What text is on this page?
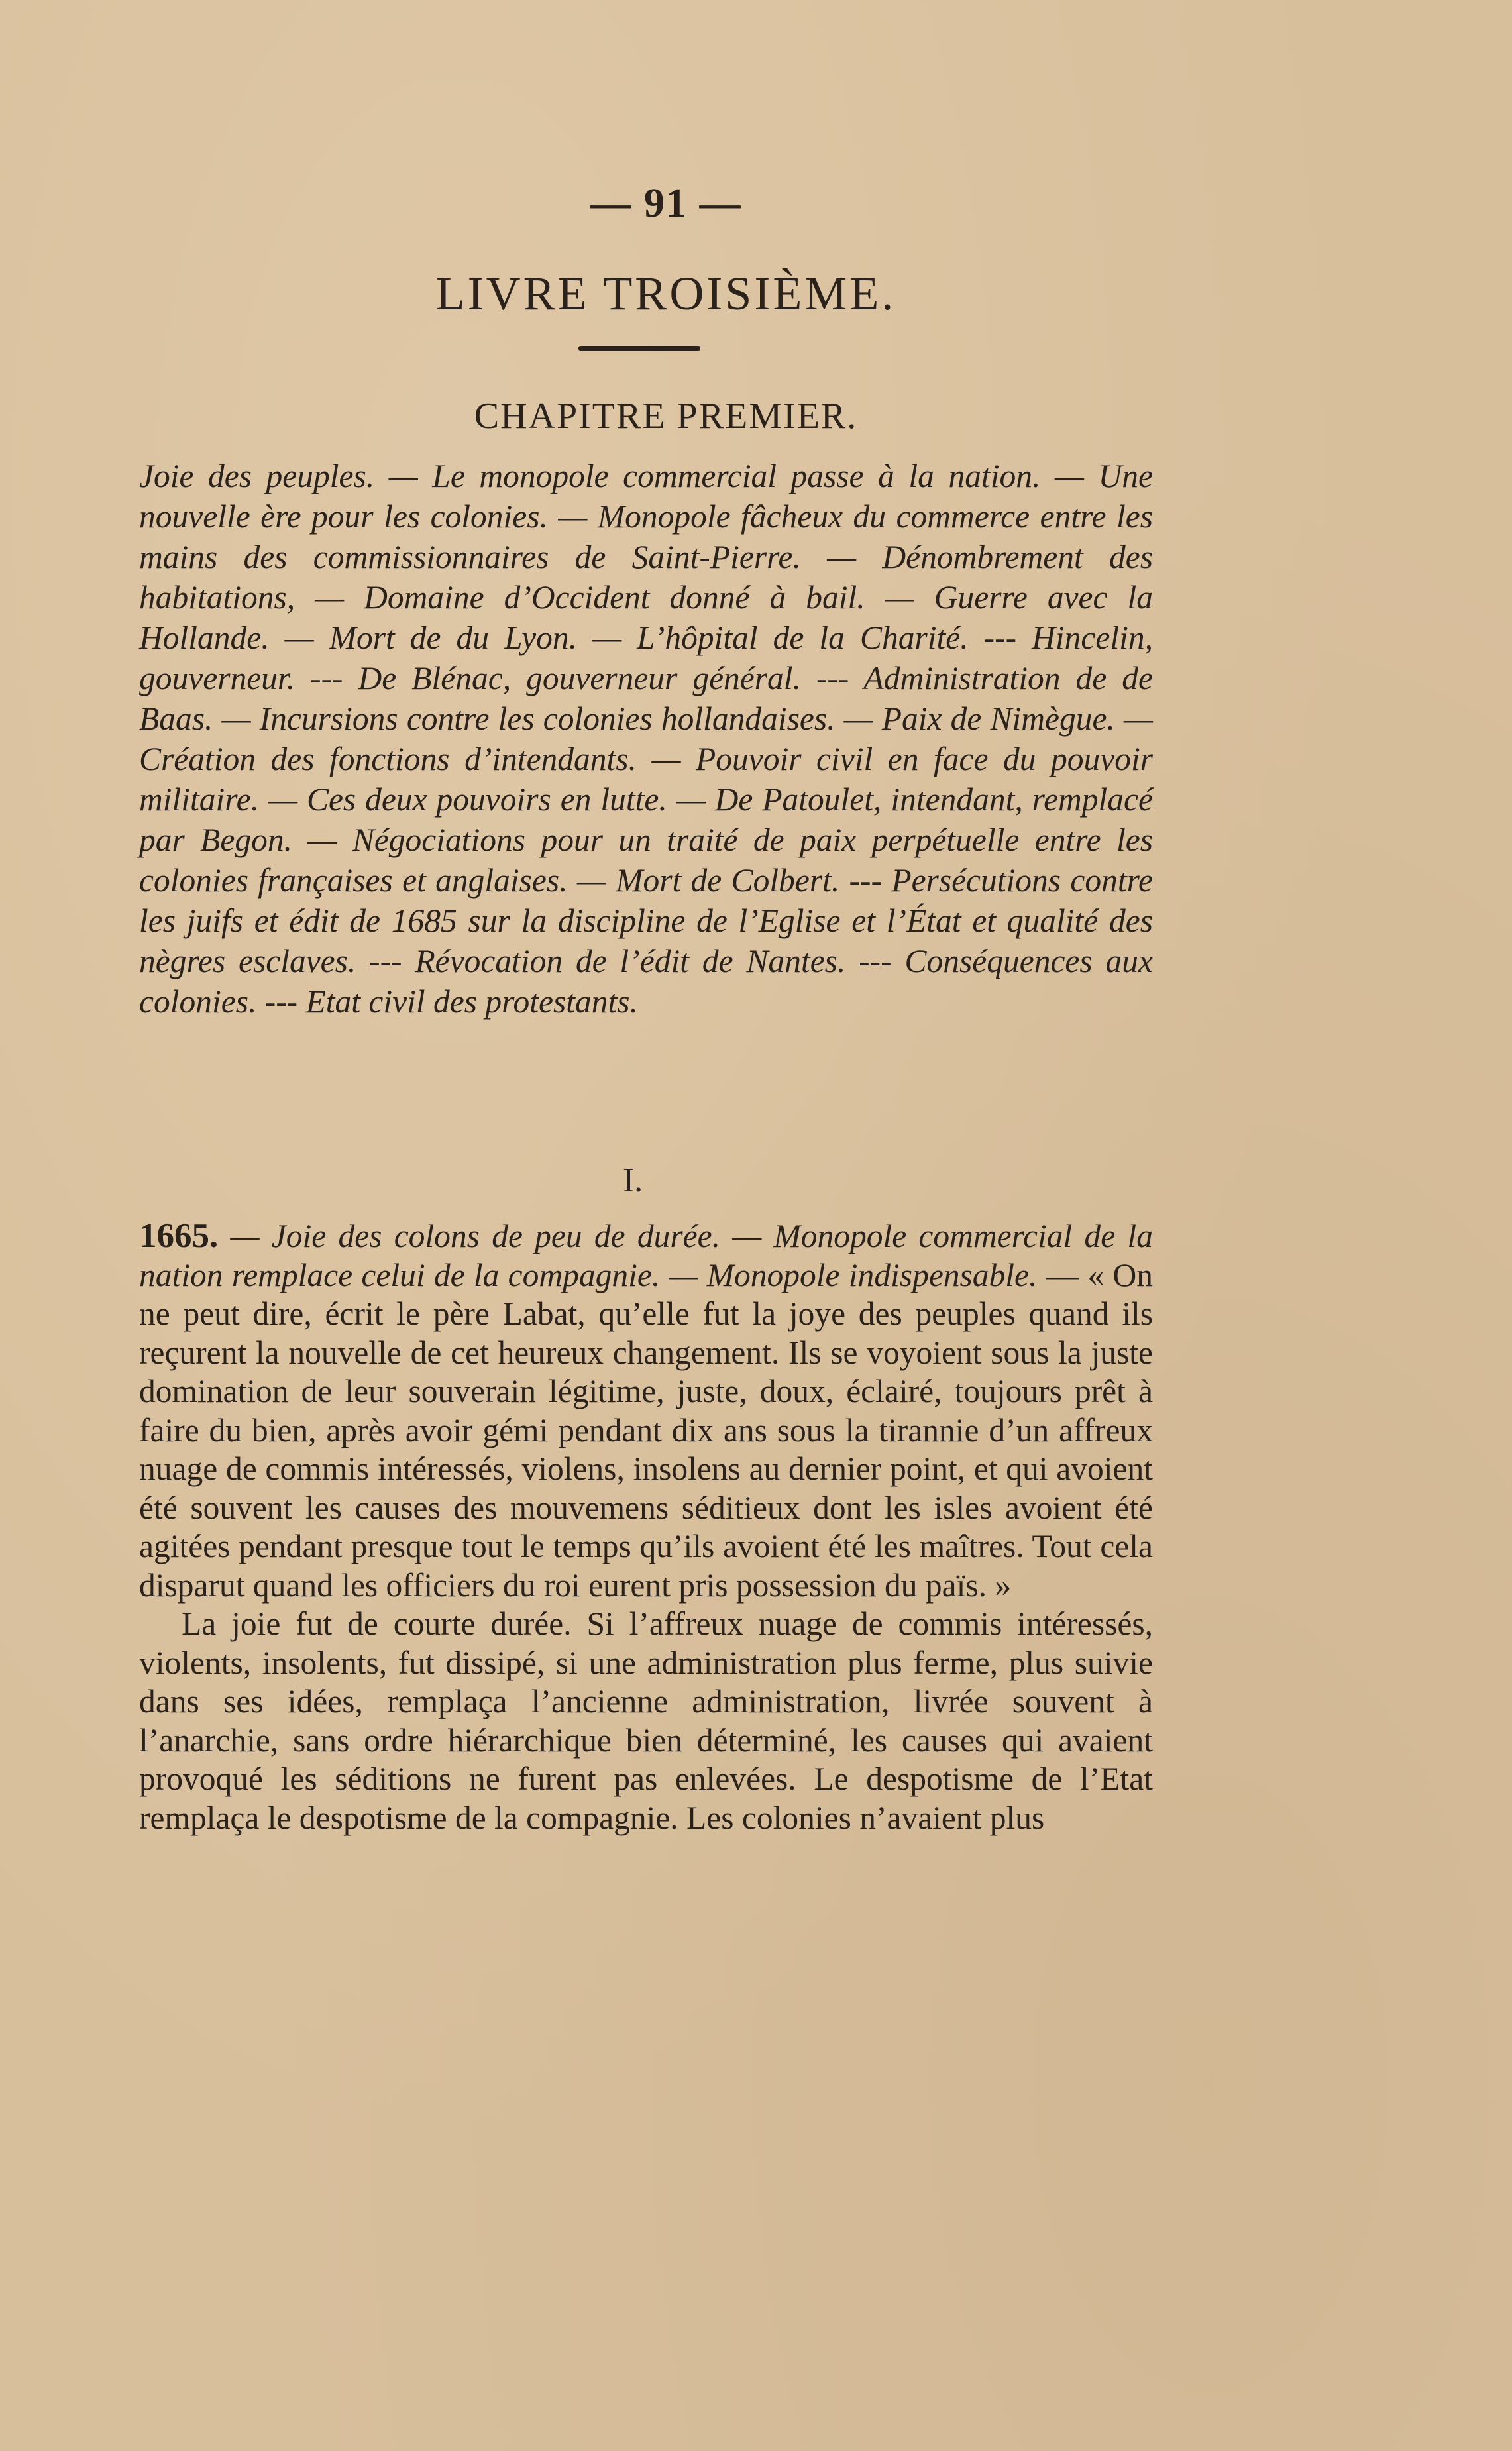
— 91 —
LIVRE TROISIÈME.
CHAPITRE PREMIER.

Joie des peuples. — Le monopole commercial passe à la nation. — Une nouvelle ère pour les colonies. — Monopole fâcheux du commerce entre les mains des commissionnaires de Saint-Pierre. — Dénombrement des habitations, — Domaine d’Occident donné à bail. — Guerre avec la Hollande. — Mort de du Lyon. — L’hôpital de la Charité. --- Hincelin, gouverneur. --- De Blénac, gouverneur général. --- Administration de de Baas. — Incursions contre les colonies hollandaises. — Paix de Nimègue. — Création des fonctions d’intendants. — Pouvoir civil en face du pouvoir militaire. — Ces deux pouvoirs en lutte. — De Patoulet, intendant, remplacé par Begon. — Négociations pour un traité de paix perpétuelle entre les colonies françaises et anglaises. — Mort de Colbert. --- Persécutions contre les juifs et édit de 1685 sur la discipline de l’Eglise et l’État et qualité des nègres esclaves. --- Révocation de l’édit de Nantes. --- Conséquences aux colonies. --- Etat civil des protestants.

I.

1665. — Joie des colons de peu de durée. — Monopole commercial de la nation remplace celui de la compagnie. — Monopole indispensable. — « On ne peut dire, écrit le père Labat, qu’elle fut la joye des peuples quand ils reçurent la nouvelle de cet heureux changement. Ils se voyoient sous la juste domination de leur souverain légitime, juste, doux, éclairé, toujours prêt à faire du bien, après avoir gémi pendant dix ans sous la tirannie d’un affreux nuage de commis intéressés, violens, insolens au dernier point, et qui avoient été souvent les causes des mouvemens séditieux dont les isles avoient été agitées pendant presque tout le temps qu’ils avoient été les maîtres. Tout cela disparut quand les officiers du roi eurent pris possession du païs. »

La joie fut de courte durée. Si l’affreux nuage de commis intéressés, violents, insolents, fut dissipé, si une administration plus ferme, plus suivie dans ses idées, remplaça l’ancienne administration, livrée souvent à l’anarchie, sans ordre hiérarchique bien déterminé, les causes qui avaient provoqué les séditions ne furent pas enlevées. Le despotisme de l’Etat remplaça le despotisme de la compagnie. Les colonies n’avaient plus
